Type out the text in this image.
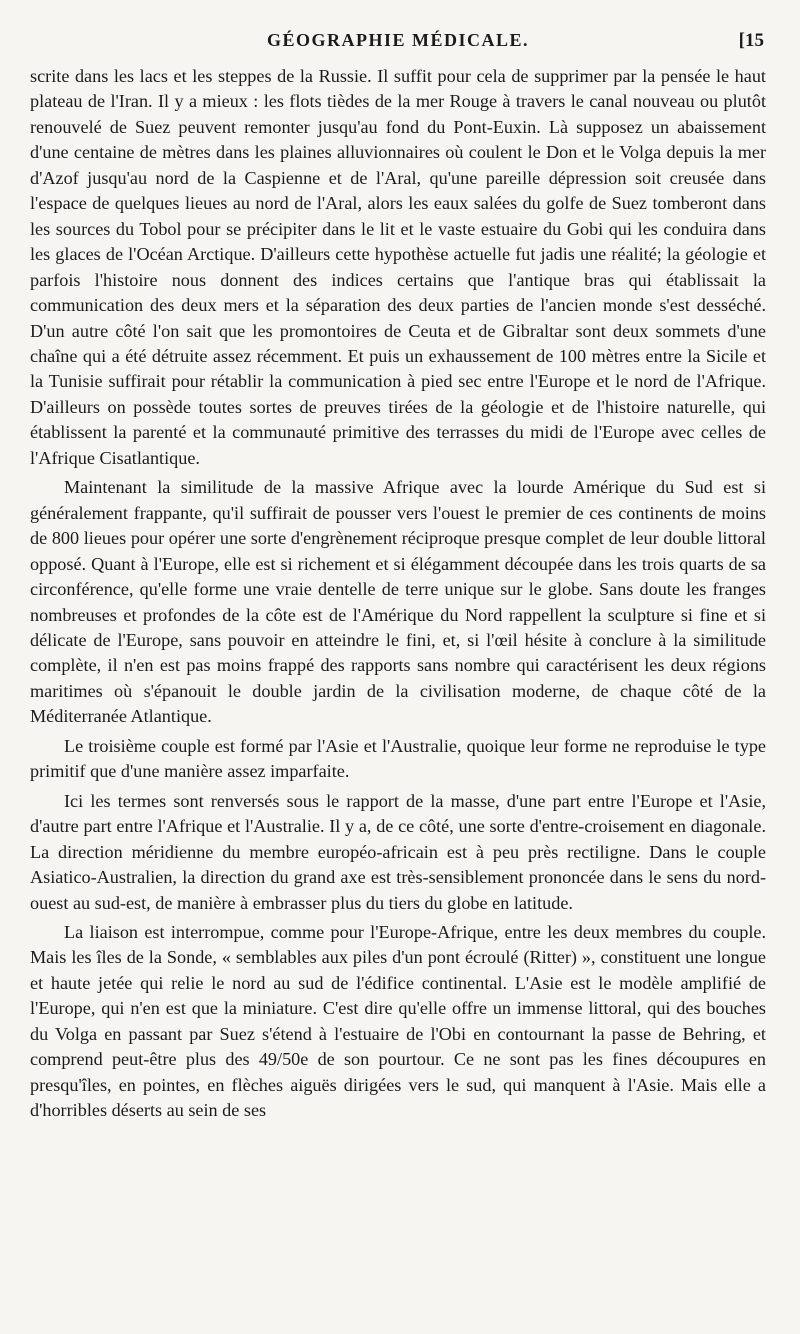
GÉOGRAPHIE MÉDICALE.	[15

scrite dans les lacs et les steppes de la Russie. Il suffit pour cela de supprimer par la pensée le haut plateau de l'Iran. Il y a mieux : les flots tièdes de la mer Rouge à travers le canal nouveau ou plutôt renouvelé de Suez peuvent remonter jusqu'au fond du Pont-Euxin. Là supposez un abaissement d'une centaine de mètres dans les plaines alluvionnaires où coulent le Don et le Volga depuis la mer d'Azof jusqu'au nord de la Caspienne et de l'Aral, qu'une pareille dépression soit creusée dans l'espace de quelques lieues au nord de l'Aral, alors les eaux salées du golfe de Suez tomberont dans les sources du Tobol pour se précipiter dans le lit et le vaste estuaire du Gobi qui les conduira dans les glaces de l'Océan Arctique. D'ailleurs cette hypothèse actuelle fut jadis une réalité; la géologie et parfois l'histoire nous donnent des indices certains que l'antique bras qui établissait la communication des deux mers et la séparation des deux parties de l'ancien monde s'est desséché. D'un autre côté l'on sait que les promontoires de Ceuta et de Gibraltar sont deux sommets d'une chaîne qui a été détruite assez récemment. Et puis un exhaussement de 100 mètres entre la Sicile et la Tunisie suffirait pour rétablir la communication à pied sec entre l'Europe et le nord de l'Afrique. D'ailleurs on possède toutes sortes de preuves tirées de la géologie et de l'histoire naturelle, qui établissent la parenté et la communauté primitive des terrasses du midi de l'Europe avec celles de l'Afrique Cisatlantique.

Maintenant la similitude de la massive Afrique avec la lourde Amérique du Sud est si généralement frappante, qu'il suffirait de pousser vers l'ouest le premier de ces continents de moins de 800 lieues pour opérer une sorte d'engrènement réciproque presque complet de leur double littoral opposé. Quant à l'Europe, elle est si richement et si élégamment découpée dans les trois quarts de sa circonférence, qu'elle forme une vraie dentelle de terre unique sur le globe. Sans doute les franges nombreuses et profondes de la côte est de l'Amérique du Nord rappellent la sculpture si fine et si délicate de l'Europe, sans pouvoir en atteindre le fini, et, si l'œil hésite à conclure à la similitude complète, il n'en est pas moins frappé des rapports sans nombre qui caractérisent les deux régions maritimes où s'épanouit le double jardin de la civilisation moderne, de chaque côté de la Méditerranée Atlantique.

Le troisième couple est formé par l'Asie et l'Australie, quoique leur forme ne reproduise le type primitif que d'une manière assez imparfaite.

Ici les termes sont renversés sous le rapport de la masse, d'une part entre l'Europe et l'Asie, d'autre part entre l'Afrique et l'Australie. Il y a, de ce côté, une sorte d'entre-croisement en diagonale. La direction méridienne du membre européo-africain est à peu près rectiligne. Dans le couple Asiatico-Australien, la direction du grand axe est très-sensiblement prononcée dans le sens du nord-ouest au sud-est, de manière à embrasser plus du tiers du globe en latitude.

La liaison est interrompue, comme pour l'Europe-Afrique, entre les deux membres du couple. Mais les îles de la Sonde, « semblables aux piles d'un pont écroulé (Ritter) », constituent une longue et haute jetée qui relie le nord au sud de l'édifice continental. L'Asie est le modèle amplifié de l'Europe, qui n'en est que la miniature. C'est dire qu'elle offre un immense littoral, qui des bouches du Volga en passant par Suez s'étend à l'estuaire de l'Obi en contournant la passe de Behring, et comprend peut-être plus des 49/50e de son pourtour. Ce ne sont pas les fines découpures en presqu'îles, en pointes, en flèches aiguës dirigées vers le sud, qui manquent à l'Asie. Mais elle a d'horribles déserts au sein de ses
